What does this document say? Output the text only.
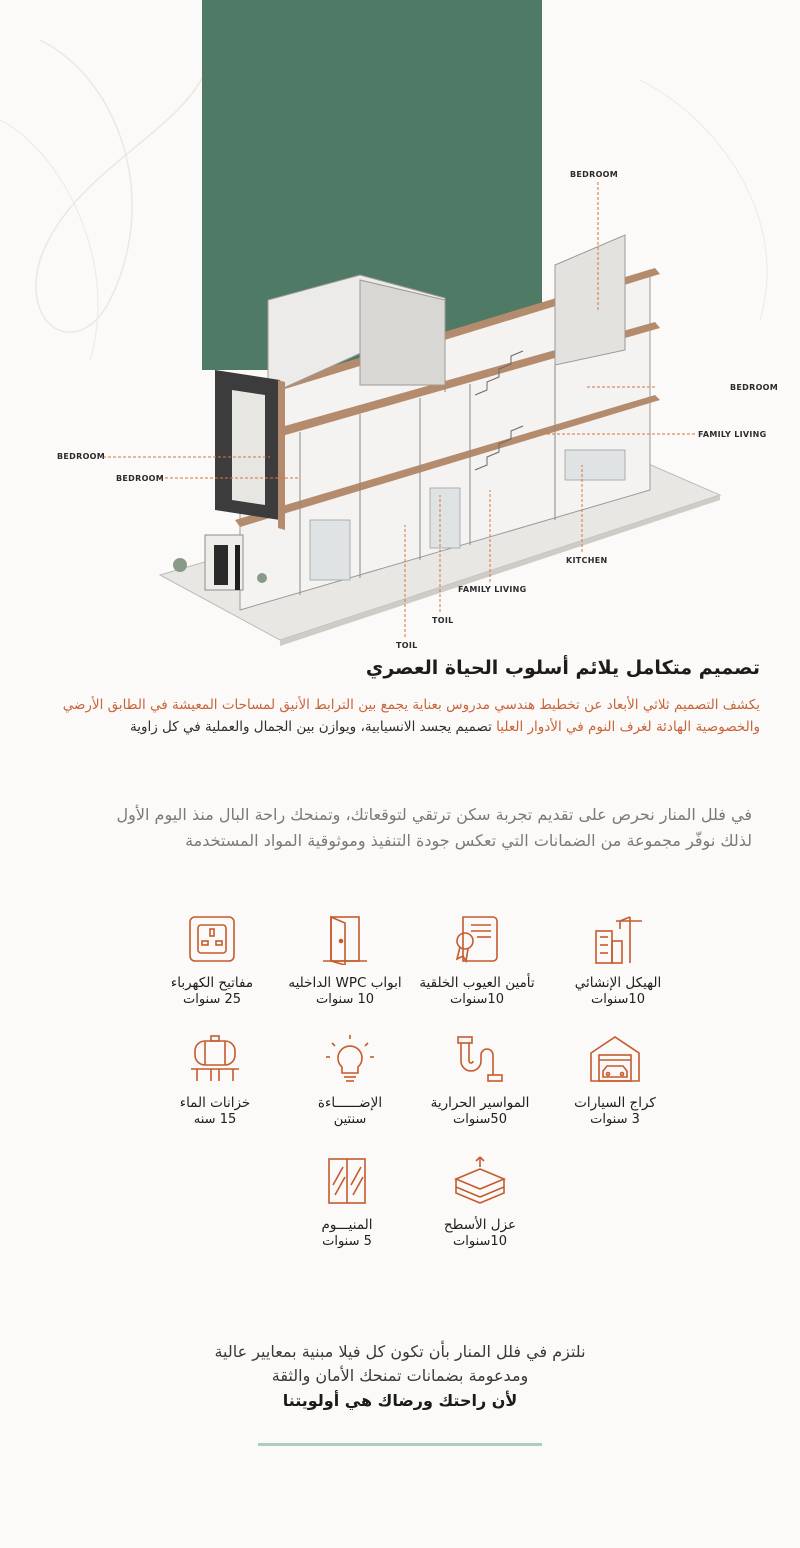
BEDROOM
BEDROOM
FAMILY LIVING
BEDROOM
BEDROOM
KITCHEN
FAMILY LIVING
TOIL
TOIL
تصميم متكامل يلائم أسلوب الحياة العصري
يكشف التصميم ثلاثي الأبعاد عن تخطيط هندسي مدروس بعناية يجمع بين الترابط الأنيق لمساحات المعيشة في الطابق الأرضي
والخصوصية الهادئة لغرف النوم في الأدوار العليا تصميم يجسد الانسيابية، ويوازن بين الجمال والعملية في كل زاوية
في فلل المنار نحرص على تقديم تجربة سكن ترتقي لتوقعاتك، وتمنحك راحة البال منذ اليوم الأول
لذلك نوفّر مجموعة من الضمانات التي تعكس جودة التنفيذ وموثوقية المواد المستخدمة
الهيكل الإنشائي
10سنوات
تأمين العيوب الخلقية
10سنوات
ابواب WPC الداخليه
10 سنوات
مفاتيح الكهرباء
25 سنوات
كراج السيارات
3 سنوات
المواسير الحرارية
50سنوات
الإضــــــاءة
سنتين
خزانات الماء
15 سنه
عزل الأسطح
10سنوات
المنيـــوم
5 سنوات
نلتزم في فلل المنار بأن تكون كل فيلا مبنية بمعايير عالية
ومدعومة بضمانات تمنحك الأمان والثقة
لأن راحتك ورضاك هي أولويتنا
